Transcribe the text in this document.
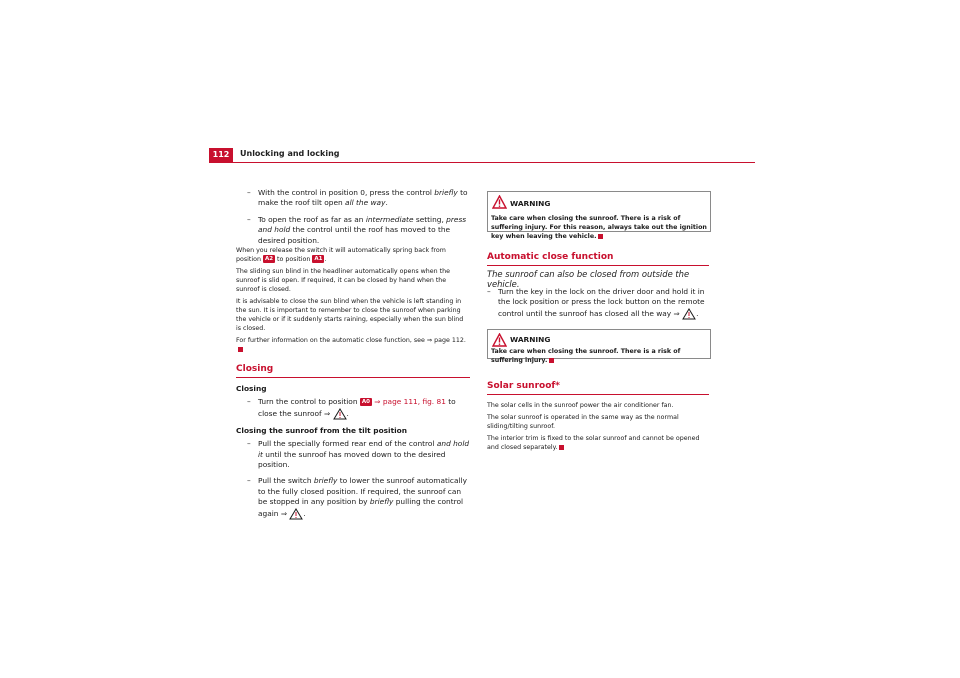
112	Unlocking and locking
– With the control in position 0, press the control briefly to make the roof tilt open all the way.
– To open the roof as far as an intermediate setting, press and hold the control until the roof has moved to the desired position.
When you release the switch it will automatically spring back from position A2 to position A1 .
The sliding sun blind in the headliner automatically opens when the sunroof is slid open. If required, it can be closed by hand when the sunroof is closed.
It is advisable to close the sun blind when the vehicle is left standing in the sun. It is important to remember to close the sunroof when parking the vehicle or if it suddenly starts raining, especially when the sun blind is closed.
For further information on the automatic close function, see ⇒ page 112.
Closing
Closing
– Turn the control to position A0 ⇒ page 111, fig. 81 to close the sunroof ⇒ .
Closing the sunroof from the tilt position
– Pull the specially formed rear end of the control and hold it until the sunroof has moved down to the desired position.
– Pull the switch briefly to lower the sunroof automatically to the fully closed position. If required, the sunroof can be stopped in any position by briefly pulling the control again ⇒ .
WARNING
Take care when closing the sunroof. There is a risk of suffering injury. For this reason, always take out the ignition key when leaving the vehicle.
Automatic close function
The sunroof can also be closed from outside the vehicle.
– Turn the key in the lock on the driver door and hold it in the lock position or press the lock button on the remote control until the sunroof has closed all the way ⇒ .
WARNING
Take care when closing the sunroof. There is a risk of suffering injury.
Solar sunroof*
The solar cells in the sunroof power the air conditioner fan.
The solar sunroof is operated in the same way as the normal sliding/tilting sunroof.
The interior trim is fixed to the solar sunroof and cannot be opened and closed separately.
